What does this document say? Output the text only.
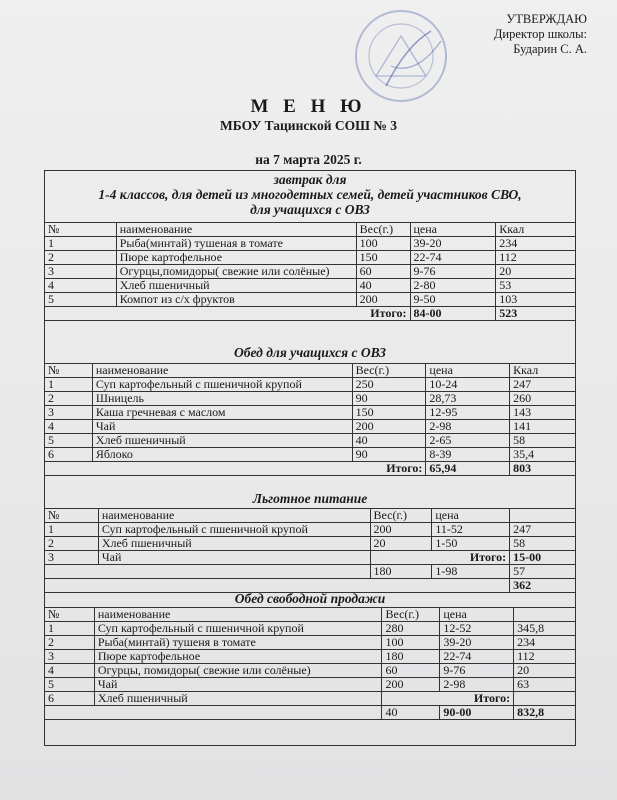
УТВЕРЖДАЮ
Директор школы:
Бударин С. А.
М Е Н Ю
МБОУ Тацинской СОШ № 3
на 7 марта 2025 г.
завтрак для
1-4 классов, для детей из многодетных семей, детей участников СВО,
для учащихся с ОВЗ
№	наименование	Вес(г.)	цена	Ккал
1	Рыба(минтай) тушеная в томате	100	39-20	234
2	Пюре картофельное	150	22-74	112
3	Огурцы,помидоры( свежие или солёные)	60	9-76	20
4	Хлеб пшеничный	40	2-80	53
5	Компот из с/х фруктов	200	9-50	103
Итого:			84-00	523
Обед для учащихся с ОВЗ
№	наименование	Вес(г.)	цена	Ккал
1	Суп картофельный с пшеничной крупой	250	10-24	247
2	Шницель	90	28,73	260
3	Каша гречневая с маслом	150	12-95	143
4	Чай	200	2-98	141
5	Хлеб пшеничный	40	2-65	58
6	Яблоко	90	8-39	35,4
Итого:			65,94	803
Льготное питание
№	наименование	Вес(г.)	цена	
1	Суп картофельный с пшеничной крупой	200	11-52	247
2	Хлеб пшеничный	20	1-50	58
3	Чай	Итого:		15-00
		180	1-98	57
				362
Обед свободной продажи
№	наименование	Вес(г.)	цена	
1	Суп картофельный с пшеничной крупой	280	12-52	345,8
2	Рыба(минтай) тушеня в томате	100	39-20	234
3	Пюре картофельное	180	22-74	112
4	Огурцы, помидоры( свежие или солёные)	60	9-76	20
5	Чай	200	2-98	63
6	Хлеб пшеничный	Итого:		
		40	90-00	832,8
